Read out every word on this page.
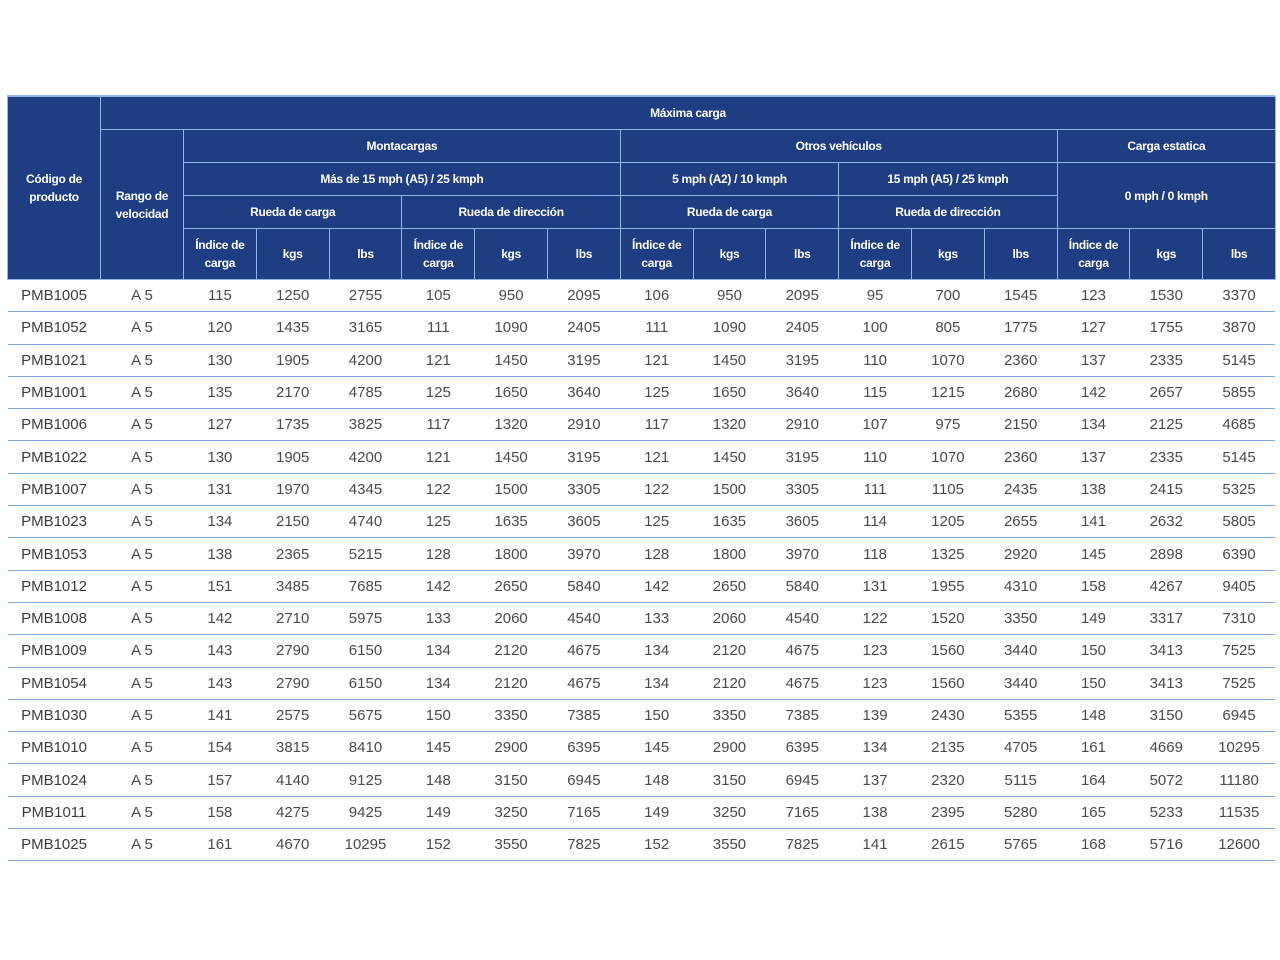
Código de producto	Máxima carga															
	Rango de velocidad	Montacargas						Otros vehículos						Carga estatica		
		Más de 15 mph (A5) / 25 kmph						5 mph (A2) / 10 kmph			15 mph (A5) / 25 kmph			0 mph / 0 kmph		
		Rueda de carga			Rueda de dirección			Rueda de carga			Rueda de dirección					
		Índice de carga	kgs	lbs	Índice de carga	kgs	lbs	Índice de carga	kgs	lbs	Índice de carga	kgs	lbs	Índice de carga	kgs	lbs
PMB1005	A 5	115	1250	2755	105	950	2095	106	950	2095	95	700	1545	123	1530	3370
PMB1052	A 5	120	1435	3165	111	1090	2405	111	1090	2405	100	805	1775	127	1755	3870
PMB1021	A 5	130	1905	4200	121	1450	3195	121	1450	3195	110	1070	2360	137	2335	5145
PMB1001	A 5	135	2170	4785	125	1650	3640	125	1650	3640	115	1215	2680	142	2657	5855
PMB1006	A 5	127	1735	3825	117	1320	2910	117	1320	2910	107	975	2150	134	2125	4685
PMB1022	A 5	130	1905	4200	121	1450	3195	121	1450	3195	110	1070	2360	137	2335	5145
PMB1007	A 5	131	1970	4345	122	1500	3305	122	1500	3305	111	1105	2435	138	2415	5325
PMB1023	A 5	134	2150	4740	125	1635	3605	125	1635	3605	114	1205	2655	141	2632	5805
PMB1053	A 5	138	2365	5215	128	1800	3970	128	1800	3970	118	1325	2920	145	2898	6390
PMB1012	A 5	151	3485	7685	142	2650	5840	142	2650	5840	131	1955	4310	158	4267	9405
PMB1008	A 5	142	2710	5975	133	2060	4540	133	2060	4540	122	1520	3350	149	3317	7310
PMB1009	A 5	143	2790	6150	134	2120	4675	134	2120	4675	123	1560	3440	150	3413	7525
PMB1054	A 5	143	2790	6150	134	2120	4675	134	2120	4675	123	1560	3440	150	3413	7525
PMB1030	A 5	141	2575	5675	150	3350	7385	150	3350	7385	139	2430	5355	148	3150	6945
PMB1010	A 5	154	3815	8410	145	2900	6395	145	2900	6395	134	2135	4705	161	4669	10295
PMB1024	A 5	157	4140	9125	148	3150	6945	148	3150	6945	137	2320	5115	164	5072	11180
PMB1011	A 5	158	4275	9425	149	3250	7165	149	3250	7165	138	2395	5280	165	5233	11535
PMB1025	A 5	161	4670	10295	152	3550	7825	152	3550	7825	141	2615	5765	168	5716	12600
